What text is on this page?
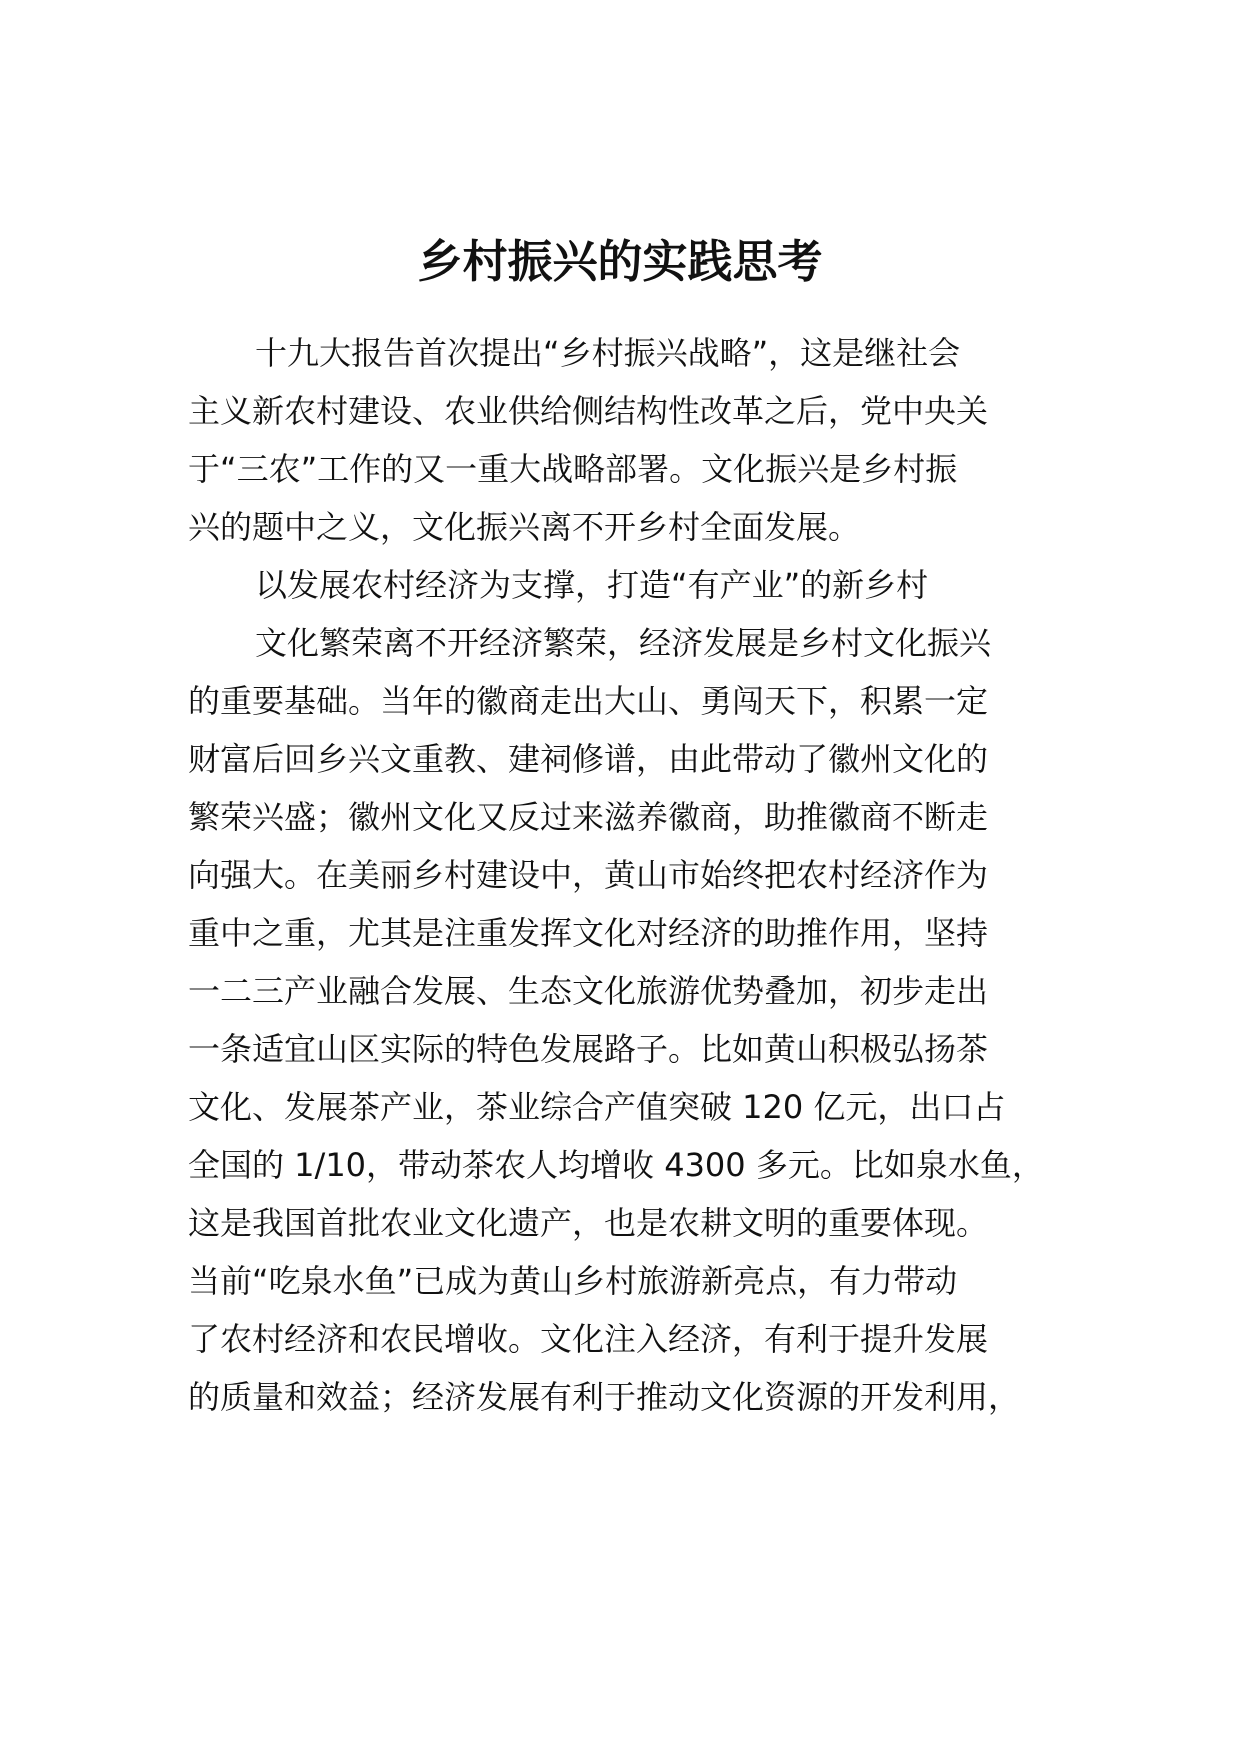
乡村振兴的实践思考

十九大报告首次提出“乡村振兴战略”，这是继社会

主义新农村建设、农业供给侧结构性改革之后，党中央关

于“三农”工作的又一重大战略部署。文化振兴是乡村振

兴的题中之义，文化振兴离不开乡村全面发展。

以发展农村经济为支撑，打造“有产业”的新乡村

文化繁荣离不开经济繁荣，经济发展是乡村文化振兴

的重要基础。当年的徽商走出大山、勇闯天下，积累一定

财富后回乡兴文重教、建祠修谱，由此带动了徽州文化的

繁荣兴盛；徽州文化又反过来滋养徽商，助推徽商不断走

向强大。在美丽乡村建设中，黄山市始终把农村经济作为

重中之重，尤其是注重发挥文化对经济的助推作用，坚持

一二三产业融合发展、生态文化旅游优势叠加，初步走出

一条适宜山区实际的特色发展路子。比如黄山积极弘扬茶

文化、发展茶产业，茶业综合产值突破 120 亿元，出口占

全国的 1/10，带动茶农人均增收 4300 多元。比如泉水鱼，

这是我国首批农业文化遗产，也是农耕文明的重要体现。

当前“吃泉水鱼”已成为黄山乡村旅游新亮点，有力带动

了农村经济和农民增收。文化注入经济，有利于提升发展

的质量和效益；经济发展有利于推动文化资源的开发利用，
